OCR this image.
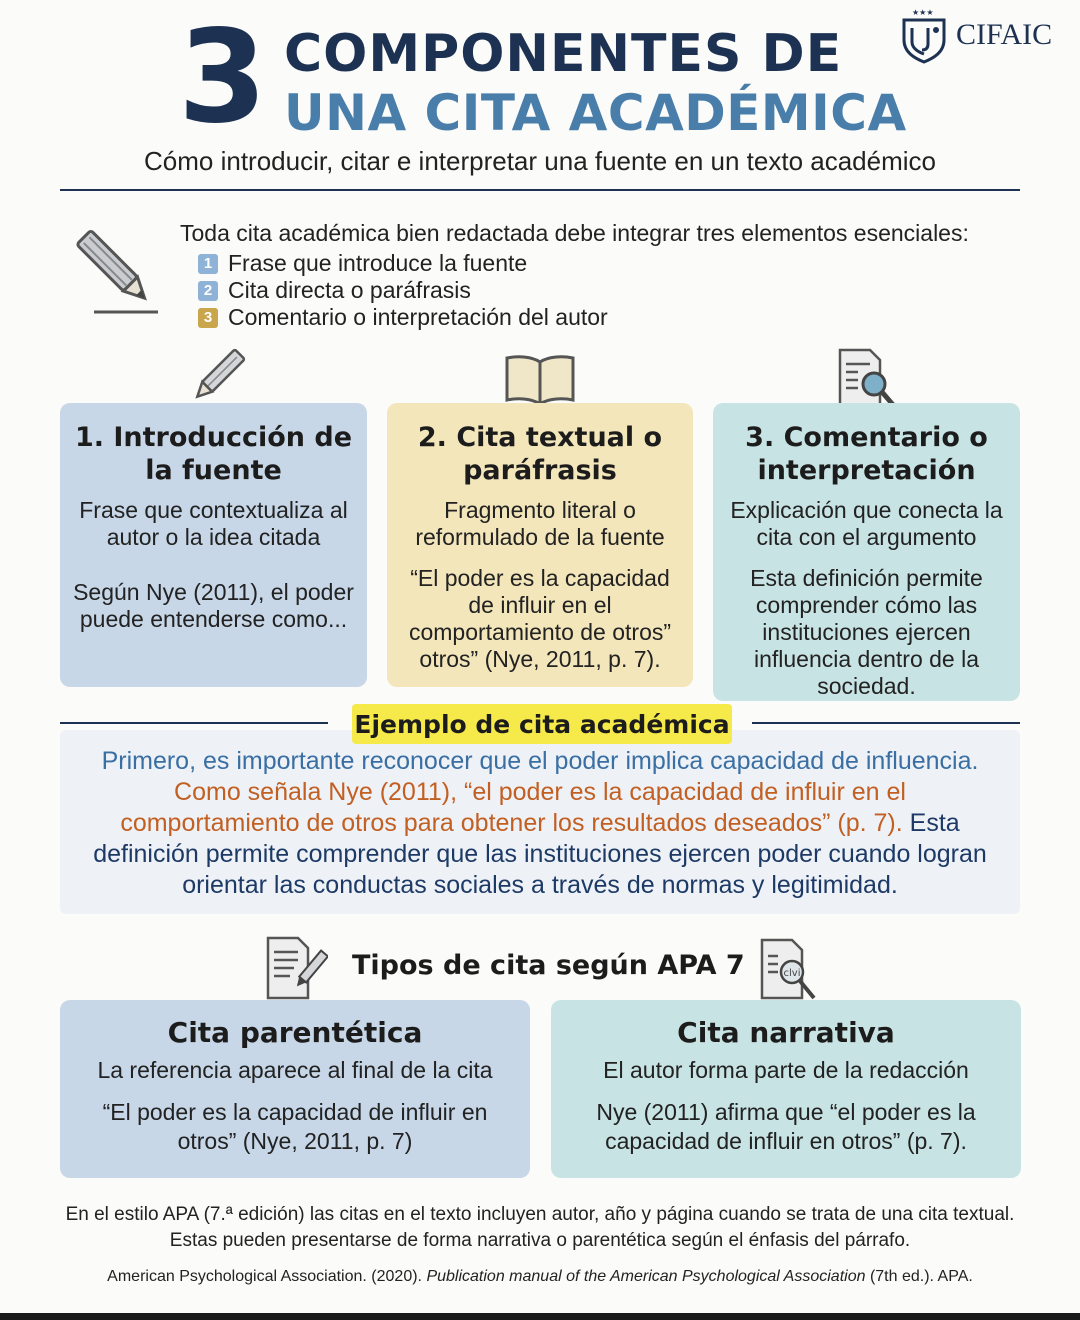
3 COMPONENTES DE
UNA CITA ACADÉMICA
★★★
CIFAIC
Cómo introducir, citar e interpretar una fuente en un texto académico
Toda cita académica bien redactada debe integrar tres elementos esenciales:
1 Frase que introduce la fuente
2 Cita directa o paráfrasis
3 Comentario o interpretación del autor
1. Introducción de la fuente
Frase que contextualiza al autor o la idea citada
Según Nye (2011), el poder puede entenderse como...
2. Cita textual o paráfrasis
Fragmento literal o reformulado de la fuente
“El poder es la capacidad de influir en el comportamiento de otros” otros” (Nye, 2011, p. 7).
3. Comentario o interpretación
Explicación que conecta la cita con el argumento
Esta definición permite comprender cómo las instituciones ejercen influencia dentro de la sociedad.
Primero, es importante reconocer que el poder implica capacidad de influencia. Como señala Nye (2011), “el poder es la capacidad de influir en el comportamiento de otros para obtener los resultados deseados” (p. 7). Esta definición permite comprender que las instituciones ejercen poder cuando logran orientar las conductas sociales a través de normas y legitimidad.
Ejemplo de cita académica
Tipos de cita según APA 7	clvi
Cita parentética
La referencia aparece al final de la cita
“El poder es la capacidad de influir en otros” (Nye, 2011, p. 7)
Cita narrativa
El autor forma parte de la redacción
Nye (2011) afirma que “el poder es la capacidad de influir en otros” (p. 7).
En el estilo APA (7.ª edición) las citas en el texto incluyen autor, año y página cuando se trata de una cita textual. Estas pueden presentarse de forma narrativa o parentética según el énfasis del párrafo.
American Psychological Association. (2020). Publication manual of the American Psychological Association (7th ed.). APA.
